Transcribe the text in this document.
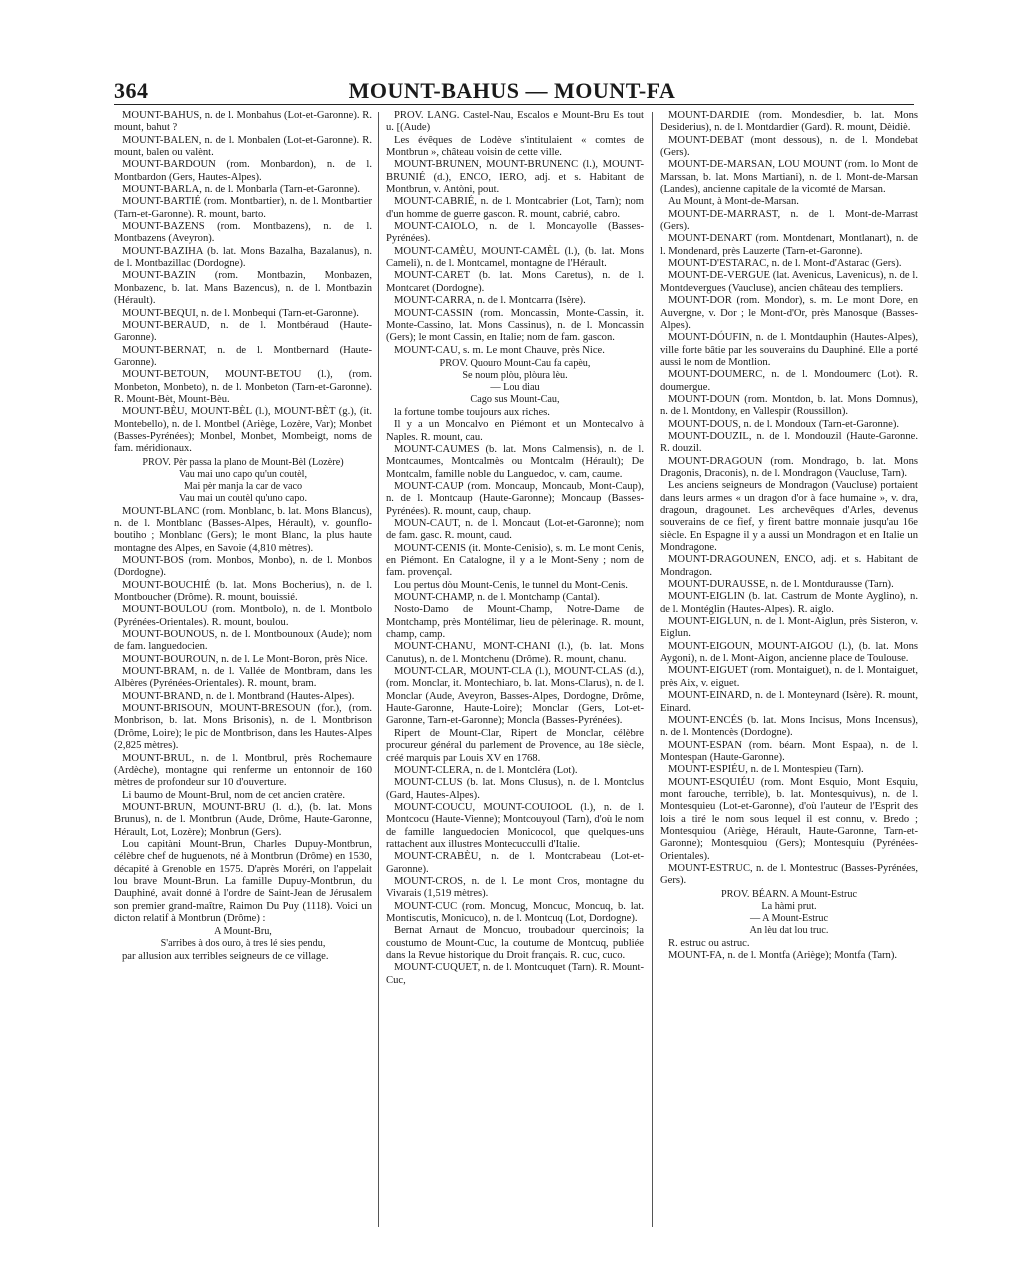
364	MOUNT-BAHUS — MOUNT-FA

MOUNT-BAHUS, n. de l. Monbahus (Lot-et-Garonne). R. mount, bahut ?

MOUNT-BALEN, n. de l. Monbalen (Lot-et-Garonne). R. mount, balen ou valènt.

MOUNT-BARDOUN (rom. Monbardon), n. de l. Montbardon (Gers, Hautes-Alpes).

MOUNT-BARLA, n. de l. Monbarla (Tarn-et-Garonne).

MOUNT-BARTIÉ (rom. Montbartier), n. de l. Montbartier (Tarn-et-Garonne). R. mount, barto.

MOUNT-BAZENS (rom. Montbazens), n. de l. Montbazens (Aveyron).

MOUNT-BAZIHA (b. lat. Mons Bazalha, Bazalanus), n. de l. Montbazillac (Dordogne).

MOUNT-BAZIN (rom. Montbazin, Monbazen, Monbazenc, b. lat. Mans Bazencus), n. de l. Montbazin (Hérault).

MOUNT-BEQUI, n. de l. Monbequi (Tarn-et-Garonne).

MOUNT-BERAUD, n. de l. Montbéraud (Haute-Garonne).

MOUNT-BERNAT, n. de l. Montbernard (Haute-Garonne).

MOUNT-BETOUN, MOUNT-BETOU (l.), (rom. Monbeton, Monbeto), n. de l. Monbeton (Tarn-et-Garonne). R. Mount-Bèt, Mount-Bèu.

MOUNT-BÈU, MOUNT-BÈL (l.), MOUNT-BÈT (g.), (it. Montebello), n. de l. Montbel (Ariège, Lozère, Var); Monbet (Basses-Pyrénées); Monbel, Monbet, Mombeigt, noms de fam. méridionaux.

PROV. Pèr passa la plano de Mount-Bèl (Lozère)
Vau mai uno capo qu'un coutèl,
Mai pèr manja la car de vaco
Vau mai un coutèl qu'uno capo.

MOUNT-BLANC (rom. Monblanc, b. lat. Mons Blancus), n. de l. Montblanc (Basses-Alpes, Hérault), v. gounflo-boutiho ; Monblanc (Gers); le mont Blanc, la plus haute montagne des Alpes, en Savoie (4,810 mètres).

MOUNT-BOS (rom. Monbos, Monbo), n. de l. Monbos (Dordogne).

MOUNT-BOUCHIÉ (b. lat. Mons Bocherius), n. de l. Montboucher (Drôme). R. mount, bouissié.

MOUNT-BOULOU (rom. Montbolo), n. de l. Montbolo (Pyrénées-Orientales). R. mount, boulou.

MOUNT-BOUNOUS, n. de l. Montbounoux (Aude); nom de fam. languedocien.

MOUNT-BOUROUN, n. de l. Le Mont-Boron, près Nice.

MOUNT-BRAM, n. de l. Vallée de Montbram, dans les Albères (Pyrénées-Orientales). R. mount, bram.

MOUNT-BRAND, n. de l. Montbrand (Hautes-Alpes).

MOUNT-BRISOUN, MOUNT-BRESOUN (for.), (rom. Monbrison, b. lat. Mons Brisonis), n. de l. Montbrison (Drôme, Loire); le pic de Montbrison, dans les Hautes-Alpes (2,825 mètres).

MOUNT-BRUL, n. de l. Montbrul, près Rochemaure (Ardèche), montagne qui renferme un entonnoir de 160 mètres de profondeur sur 10 d'ouverture.

Li baumo de Mount-Brul, nom de cet ancien cratère.

MOUNT-BRUN, MOUNT-BRU (l. d.), (b. lat. Mons Brunus), n. de l. Montbrun (Aude, Drôme, Haute-Garonne, Hérault, Lot, Lozère); Monbrun (Gers).

Lou capitàni Mount-Brun, Charles Dupuy-Montbrun, célèbre chef de huguenots, né à Montbrun (Drôme) en 1530, décapité à Grenoble en 1575. D'après Moréri, on l'appelait lou brave Mount-Brun. La famille Dupuy-Montbrun, du Dauphiné, avait donné à l'ordre de Saint-Jean de Jérusalem son premier grand-maître, Raimon Du Puy (1118). Voici un dicton relatif à Montbrun (Drôme) :

A Mount-Bru,
S'arribes à dos ouro, à tres lé sies pendu,

par allusion aux terribles seigneurs de ce village.

PROV. LANG. Castel-Nau, Escalos e Mount-Bru Es tout u. [(Aude)

Les évêques de Lodève s'intitulaient « comtes de Montbrun », château voisin de cette ville.

MOUNT-BRUNEN, MOUNT-BRUNENC (l.), MOUNT-BRUNIÉ (d.), ENCO, IERO, adj. et s. Habitant de Montbrun, v. Antòni, pout.

MOUNT-CABRIÉ, n. de l. Montcabrier (Lot, Tarn); nom d'un homme de guerre gascon. R. mount, cabrié, cabro.

MOUNT-CAIOLO, n. de l. Moncayolle (Basses-Pyrénées).

MOUNT-CAMÈU, MOUNT-CAMÈL (l.), (b. lat. Mons Cameli), n. de l. Montcamel, montagne de l'Hérault.

MOUNT-CARET (b. lat. Mons Caretus), n. de l. Montcaret (Dordogne).

MOUNT-CARRA, n. de l. Montcarra (Isère).

MOUNT-CASSIN (rom. Moncassin, Monte-Cassin, it. Monte-Cassino, lat. Mons Cassinus), n. de l. Moncassin (Gers); le mont Cassin, en Italie; nom de fam. gascon.

MOUNT-CAU, s. m. Le mont Chauve, près Nice.

PROV. Quouro Mount-Cau fa capèu,
Se noum plòu, plòura lèu.
— Lou diau
Cago sus Mount-Cau,

la fortune tombe toujours aux riches.

Il y a un Moncalvo en Piémont et un Montecalvo à Naples. R. mount, cau.

MOUNT-CAUMES (b. lat. Mons Calmensis), n. de l. Montcaumes, Montcalmès ou Montcalm (Hérault); De Montcalm, famille noble du Languedoc, v. cam, caume.

MOUNT-CAUP (rom. Moncaup, Moncaub, Mont-Caup), n. de l. Montcaup (Haute-Garonne); Moncaup (Basses-Pyrénées). R. mount, caup, chaup.

MOUN-CAUT, n. de l. Moncaut (Lot-et-Garonne); nom de fam. gasc. R. mount, caud.

MOUNT-CENIS (it. Monte-Cenisio), s. m. Le mont Cenis, en Piémont. En Catalogne, il y a le Mont-Seny ; nom de fam. provençal.

Lou pertus dòu Mount-Cenis, le tunnel du Mont-Cenis.

MOUNT-CHAMP, n. de l. Montchamp (Cantal).

Nosto-Damo de Mount-Champ, Notre-Dame de Montchamp, près Montélimar, lieu de pèlerinage. R. mount, champ, camp.

MOUNT-CHANU, MONT-CHANI (l.), (b. lat. Mons Canutus), n. de l. Montchenu (Drôme). R. mount, chanu.

MOUNT-CLAR, MOUNT-CLA (l.), MOUNT-CLAS (d.), (rom. Monclar, it. Montechiaro, b. lat. Mons-Clarus), n. de l. Monclar (Aude, Aveyron, Basses-Alpes, Dordogne, Drôme, Haute-Garonne, Haute-Loire); Monclar (Gers, Lot-et-Garonne, Tarn-et-Garonne); Moncla (Basses-Pyrénées).

Ripert de Mount-Clar, Ripert de Monclar, célèbre procureur général du parlement de Provence, au 18e siècle, créé marquis par Louis XV en 1768.

MOUNT-CLERA, n. de l. Montcléra (Lot).

MOUNT-CLUS (b. lat. Mons Clusus), n. de l. Montclus (Gard, Hautes-Alpes).

MOUNT-COUCU, MOUNT-COUIOOL (l.), n. de l. Montcocu (Haute-Vienne); Montcouyoul (Tarn), d'où le nom de famille languedocien Monicocol, que quelques-uns rattachent aux illustres Montecucculli d'Italie.

MOUNT-CRABÈU, n. de l. Montcrabeau (Lot-et-Garonne).

MOUNT-CROS, n. de l. Le mont Cros, montagne du Vivarais (1,519 mètres).

MOUNT-CUC (rom. Moncug, Moncuc, Moncuq, b. lat. Montiscutis, Monicuco), n. de l. Montcuq (Lot, Dordogne).

Bernat Arnaut de Moncuo, troubadour quercinois; la coustumo de Mount-Cuc, la coutume de Montcuq, publiée dans la Revue historique du Droit français. R. cuc, cuco.

MOUNT-CUQUET, n. de l. Montcuquet (Tarn). R. Mount-Cuc,

MOUNT-DARDIÉ (rom. Mondesdier, b. lat. Mons Desiderius), n. de l. Montdardier (Gard). R. mount, Dèidiè.

MOUNT-DEBAT (mont dessous), n. de l. Mondebat (Gers).

MOUNT-DE-MARSAN, LOU MOUNT (rom. lo Mont de Marssan, b. lat. Mons Martiani), n. de l. Mont-de-Marsan (Landes), ancienne capitale de la vicomté de Marsan.

Au Mount, à Mont-de-Marsan.

MOUNT-DE-MARRAST, n. de l. Mont-de-Marrast (Gers).

MOUNT-DENART (rom. Montdenart, Montlanart), n. de l. Mondenard, près Lauzerte (Tarn-et-Garonne).

MOUNT-D'ESTARAC, n. de l. Mont-d'Astarac (Gers).

MOUNT-DE-VERGUE (lat. Avenicus, Lavenicus), n. de l. Montdevergues (Vaucluse), ancien château des templiers.

MOUNT-DOR (rom. Mondor), s. m. Le mont Dore, en Auvergne, v. Dor ; le Mont-d'Or, près Manosque (Basses-Alpes).

MOUNT-DÓUFIN, n. de l. Montdauphin (Hautes-Alpes), ville forte bâtie par les souverains du Dauphiné. Elle a porté aussi le nom de Montlion.

MOUNT-DOUMERC, n. de l. Mondoumerc (Lot). R. doumergue.

MOUNT-DOUN (rom. Montdon, b. lat. Mons Domnus), n. de l. Montdony, en Vallespir (Roussillon).

MOUNT-DOUS, n. de l. Mondoux (Tarn-et-Garonne).

MOUNT-DOUZIL, n. de l. Mondouzil (Haute-Garonne. R. douzil.

MOUNT-DRAGOUN (rom. Mondrago, b. lat. Mons Dragonis, Draconis), n. de l. Mondragon (Vaucluse, Tarn).

Les anciens seigneurs de Mondragon (Vaucluse) portaient dans leurs armes « un dragon d'or à face humaine », v. dra, dragoun, dragounet. Les archevêques d'Arles, devenus souverains de ce fief, y firent battre monnaie jusqu'au 16e siècle. En Espagne il y a aussi un Mondragon et en Italie un Mondragone.

MOUNT-DRAGOUNEN, ENCO, adj. et s. Habitant de Mondragon.

MOUNT-DURAUSSE, n. de l. Montdurausse (Tarn).

MOUNT-EIGLIN (b. lat. Castrum de Monte Ayglino), n. de l. Montéglin (Hautes-Alpes). R. aiglo.

MOUNT-EIGLUN, n. de l. Mont-Aiglun, près Sisteron, v. Eiglun.

MOUNT-EIGOUN, MOUNT-AIGOU (l.), (b. lat. Mons Aygoni), n. de l. Mont-Aigon, ancienne place de Toulouse.

MOUNT-EIGUET (rom. Montaiguet), n. de l. Montaiguet, près Aix, v. eiguet.

MOUNT-EINARD, n. de l. Monteynard (Isère). R. mount, Einard.

MOUNT-ENCÉS (b. lat. Mons Incisus, Mons Incensus), n. de l. Montencès (Dordogne).

MOUNT-ESPAN (rom. béarn. Mont Espaa), n. de l. Montespan (Haute-Garonne).

MOUNT-ESPIÉU, n. de l. Montespieu (Tarn).

MOUNT-ESQUIÉU (rom. Mont Esquio, Mont Esquiu, mont farouche, terrible), b. lat. Montesquivus), n. de l. Montesquieu (Lot-et-Garonne), d'où l'auteur de l'Esprit des lois a tiré le nom sous lequel il est connu, v. Bredo ; Montesquiou (Ariège, Hérault, Haute-Garonne, Tarn-et-Garonne); Montesquiou (Gers); Montesquiu (Pyrénées-Orientales).

MOUNT-ESTRUC, n. de l. Montestruc (Basses-Pyrénées, Gers).

PROV. BÉARN. A Mount-Estruc
La hàmi prut.
— A Mount-Estruc
An lèu dat lou truc.

R. estruc ou astruc.

MOUNT-FA, n. de l. Montfa (Ariège); Montfa (Tarn).
